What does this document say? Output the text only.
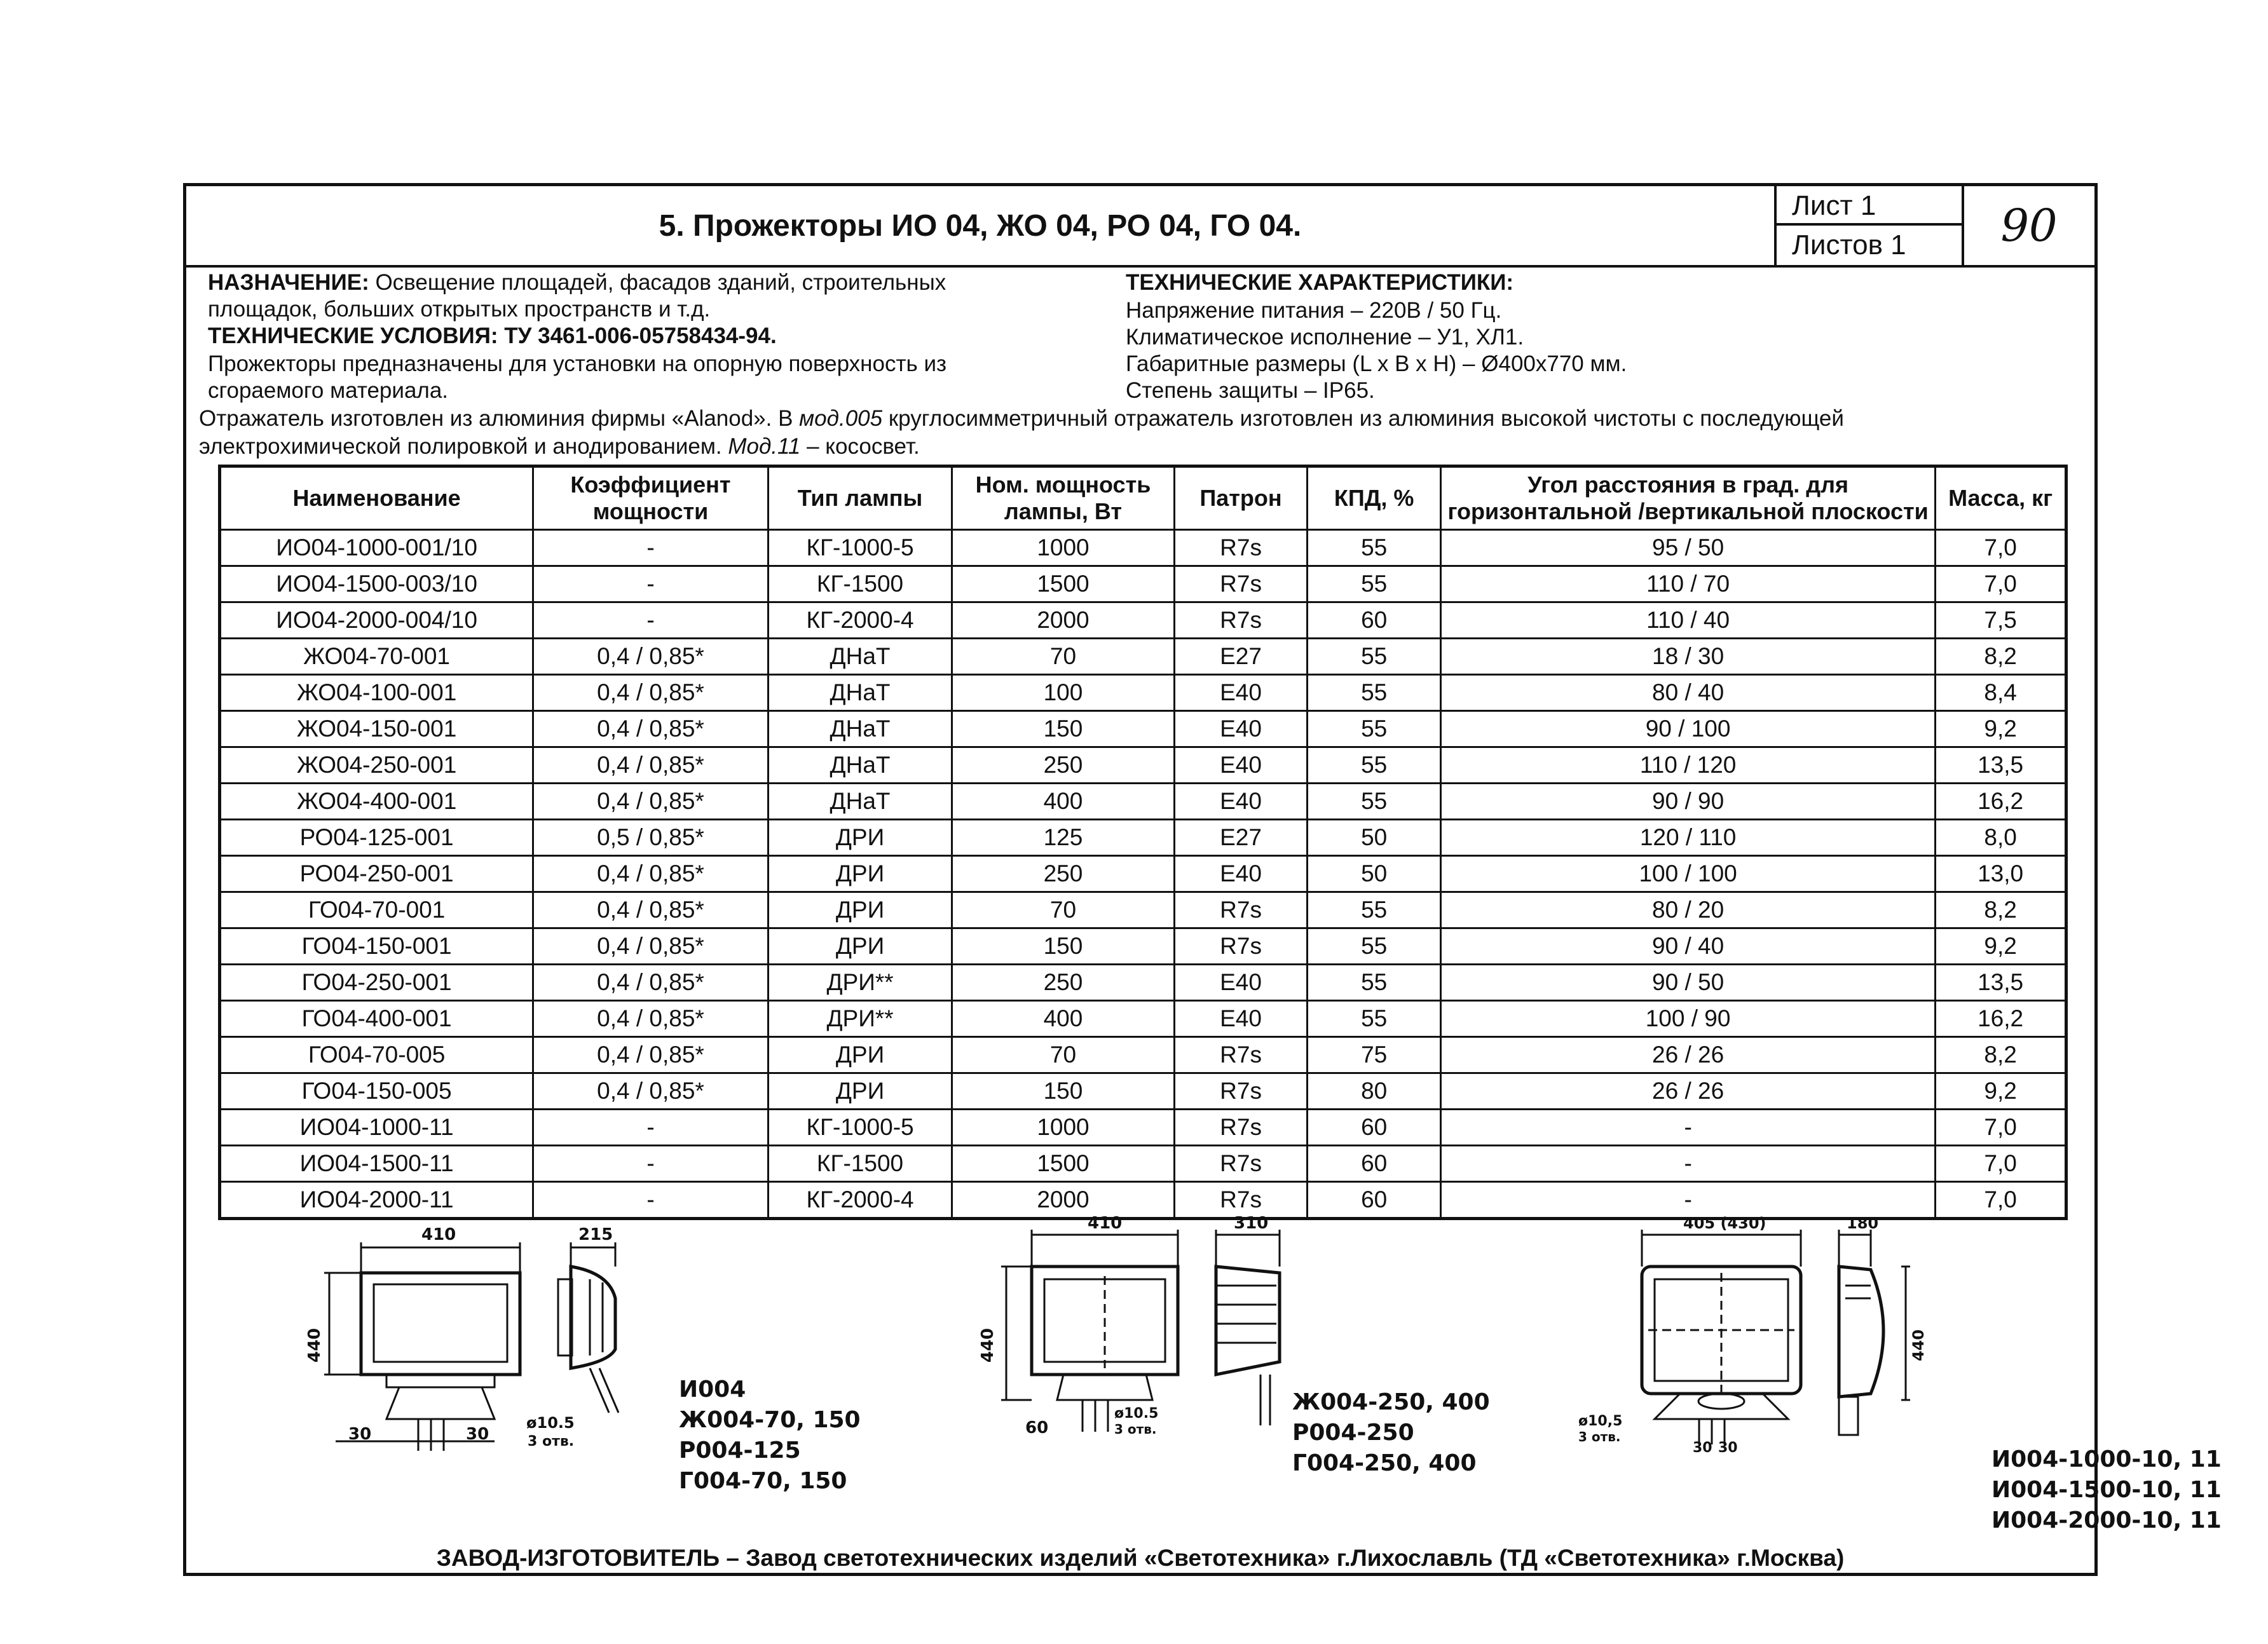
5. Прожекторы ИО 04, ЖО 04, РО 04, ГО 04.
Лист 1
Листов 1	90
НАЗНАЧЕНИЕ: Освещение площадей, фасадов зданий, строительных
площадок, больших открытых пространств и т.д.
ТЕХНИЧЕСКИЕ УСЛОВИЯ: ТУ 3461-006-05758434-94.
Прожекторы предназначены для установки на опорную поверхность из
сгораемого материала.
ТЕХНИЧЕСКИЕ ХАРАКТЕРИСТИКИ:
Напряжение питания – 220В / 50 Гц.
Климатическое исполнение – У1, ХЛ1.
Габаритные размеры (L x B x H) – Ø400х770 мм.
Степень защиты – IP65.
Отражатель изготовлен из алюминия фирмы «Alanod». В мод.005 круглосимметричный отражатель изготовлен из алюминия высокой чистоты с последующей
электрохимической полировкой и анодированием. Мод.11 – кососвет.
Наименование	Коэффициент мощности	Тип лампы	Ном. мощность лампы, Вт	Патрон	КПД, %	Угол расстояния в град. для горизонтальной /вертикальной плоскости	Масса, кг
ИО04-1000-001/10	-	КГ-1000-5	1000	R7s	55	95 / 50	7,0
ИО04-1500-003/10	-	КГ-1500	1500	R7s	55	110 / 70	7,0
ИО04-2000-004/10	-	КГ-2000-4	2000	R7s	60	110 / 40	7,5
ЖО04-70-001	0,4 / 0,85*	ДНаТ	70	Е27	55	18 / 30	8,2
ЖО04-100-001	0,4 / 0,85*	ДНаТ	100	Е40	55	80 / 40	8,4
ЖО04-150-001	0,4 / 0,85*	ДНаТ	150	Е40	55	90 / 100	9,2
ЖО04-250-001	0,4 / 0,85*	ДНаТ	250	Е40	55	110 / 120	13,5
ЖО04-400-001	0,4 / 0,85*	ДНаТ	400	Е40	55	90 / 90	16,2
РО04-125-001	0,5 / 0,85*	ДРИ	125	Е27	50	120 / 110	8,0
РО04-250-001	0,4 / 0,85*	ДРИ	250	Е40	50	100 / 100	13,0
ГО04-70-001	0,4 / 0,85*	ДРИ	70	R7s	55	80 / 20	8,2
ГО04-150-001	0,4 / 0,85*	ДРИ	150	R7s	55	90 / 40	9,2
ГО04-250-001	0,4 / 0,85*	ДРИ**	250	Е40	55	90 / 50	13,5
ГО04-400-001	0,4 / 0,85*	ДРИ**	400	Е40	55	100 / 90	16,2
ГО04-70-005	0,4 / 0,85*	ДРИ	70	R7s	75	26 / 26	8,2
ГО04-150-005	0,4 / 0,85*	ДРИ	150	R7s	80	26 / 26	9,2
ИО04-1000-11	-	КГ-1000-5	1000	R7s	60	-	7,0
ИО04-1500-11	-	КГ-1500	1500	R7s	60	-	7,0
ИО04-2000-11	-	КГ-2000-4	2000	R7s	60	-	7,0
410	215
440
30	30
ø10.5
3 отв.
И004
Ж004-70, 150
Р004-125
Г004-70, 150
410	310
440
60
ø10.5
3 отв.
Ж004-250, 400
Р004-250
Г004-250, 400
405 (430)	180
440
30 30
ø10,5
3 отв.
И004-1000-10, 11
И004-1500-10, 11
И004-2000-10, 11
ЗАВОД-ИЗГОТОВИТЕЛЬ – Завод светотехнических изделий «Светотехника» г.Лихославль (ТД «Светотехника» г.Москва)
